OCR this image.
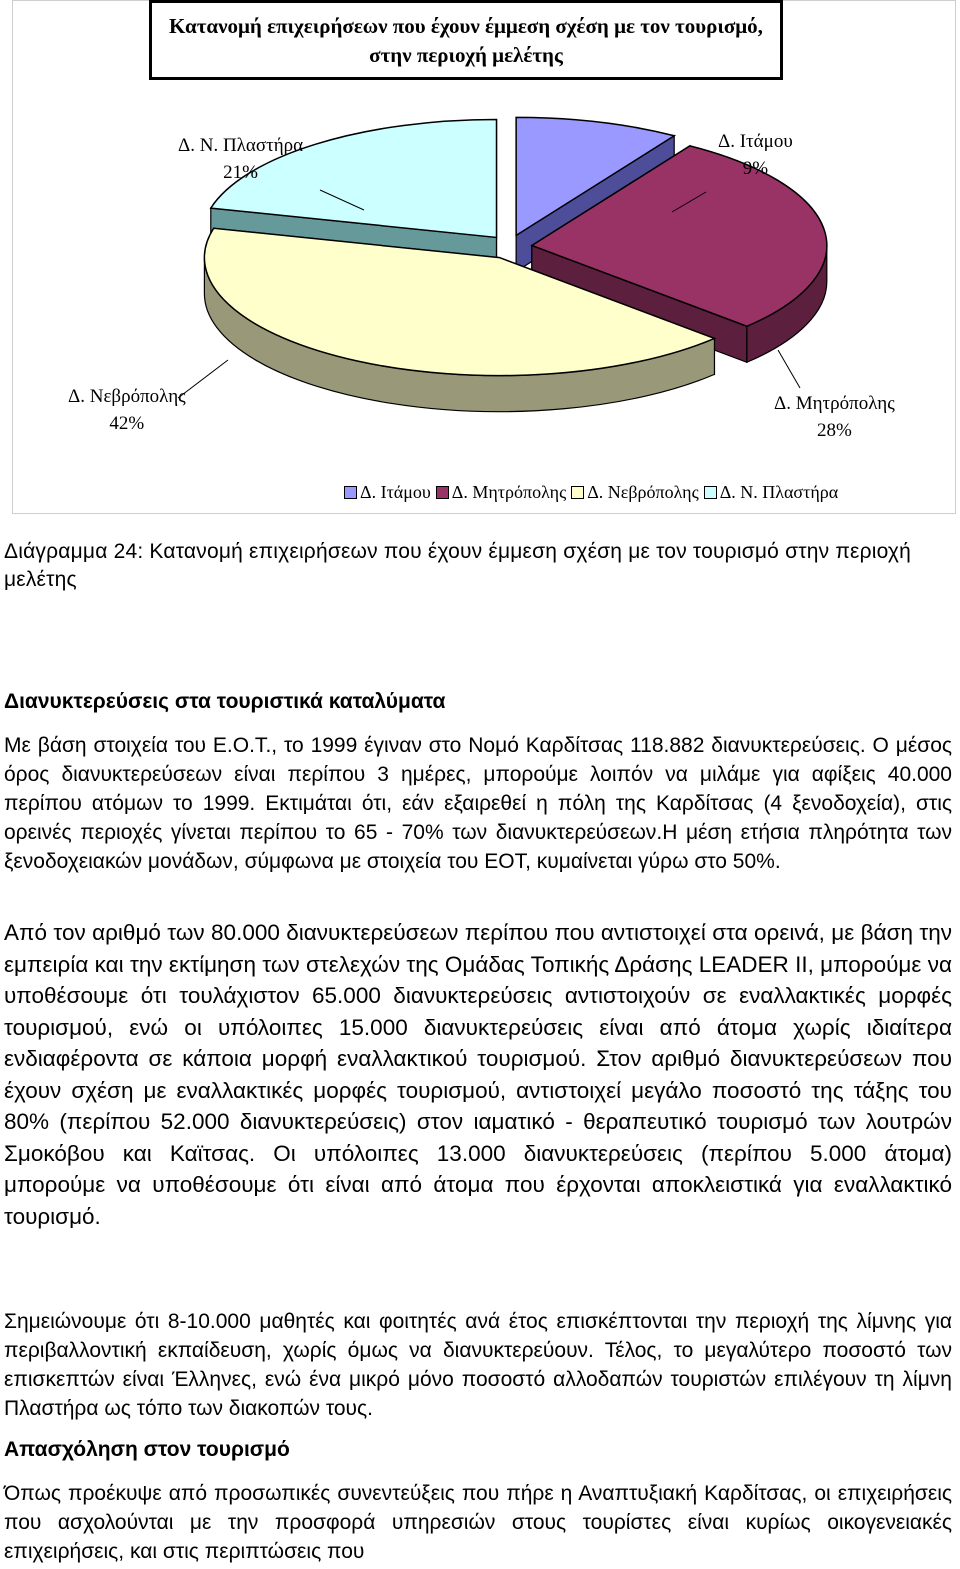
Κατανομή επιχειρήσεων που έχουν έμμεση σχέση με τον τουρισμό,
στην περιοχή μελέτης
Δ. Ν. Πλαστήρα
21%
Δ. Ιτάμου
9%
Δ. Νεβρόπολης
42%
Δ. Μητρόπολης
28%
Δ. Ιτάμου Δ. Μητρόπολης Δ. Νεβρόπολης Δ. Ν. Πλαστήρα
Διάγραμμα 24: Κατανομή επιχειρήσεων που έχουν έμμεση σχέση με τον τουρισμό στην περιοχή μελέτης
Διανυκτερεύσεις στα τουριστικά καταλύματα
Με βάση στοιχεία του Ε.Ο.Τ., το 1999 έγιναν στο Νομό Καρδίτσας 118.882 διανυκτερεύσεις. Ο μέσος όρος διανυκτερεύσεων είναι περίπου 3 ημέρες, μπορούμε λοιπόν να μιλάμε για αφίξεις 40.000 περίπου ατόμων το 1999. Εκτιμάται ότι, εάν εξαιρεθεί η πόλη της Καρδίτσας (4 ξενοδοχεία), στις ορεινές περιοχές γίνεται περίπου το 65 - 70% των διανυκτερεύσεων.Η μέση ετήσια πληρότητα των ξενοδοχειακών μονάδων, σύμφωνα με στοιχεία του ΕΟΤ, κυμαίνεται γύρω στο 50%.
Από τον αριθμό των 80.000 διανυκτερεύσεων περίπου που αντιστοιχεί στα ορεινά, με βάση την εμπειρία και την εκτίμηση των στελεχών της Ομάδας Τοπικής Δράσης LEADER II, μπορούμε να υποθέσουμε ότι τουλάχιστον 65.000 διανυκτερεύσεις αντιστοιχούν σε εναλλακτικές μορφές τουρισμού, ενώ οι υπόλοιπες 15.000 διανυκτερεύσεις είναι από άτομα χωρίς ιδιαίτερα ενδιαφέροντα σε κάποια μορφή εναλλακτικού τουρισμού. Στον αριθμό διανυκτερεύσεων που έχουν σχέση με εναλλακτικές μορφές τουρισμού, αντιστοιχεί μεγάλο ποσοστό της τάξης του 80% (περίπου 52.000 διανυκτερεύσεις) στον ιαματικό - θεραπευτικό τουρισμό των λουτρών Σμοκόβου και Καϊτσας. Οι υπόλοιπες 13.000 διανυκτερεύσεις (περίπου 5.000 άτομα) μπορούμε να υποθέσουμε ότι είναι από άτομα που έρχονται αποκλειστικά για εναλλακτικό τουρισμό.
Σημειώνουμε ότι 8-10.000 μαθητές και φοιτητές ανά έτος επισκέπτονται την περιοχή της λίμνης για περιβαλλοντική εκπαίδευση, χωρίς όμως να διανυκτερεύουν. Τέλος, το μεγαλύτερο ποσοστό των επισκεπτών είναι Έλληνες, ενώ ένα μικρό μόνο ποσοστό αλλοδαπών τουριστών επιλέγουν τη λίμνη Πλαστήρα ως τόπο των διακοπών τους.
Απασχόληση στον τουρισμό
Όπως προέκυψε από προσωπικές συνεντεύξεις που πήρε η Αναπτυξιακή Καρδίτσας, οι επιχειρήσεις που ασχολούνται με την προσφορά υπηρεσιών στους τουρίστες είναι κυρίως οικογενειακές επιχειρήσεις, και στις περιπτώσεις που
